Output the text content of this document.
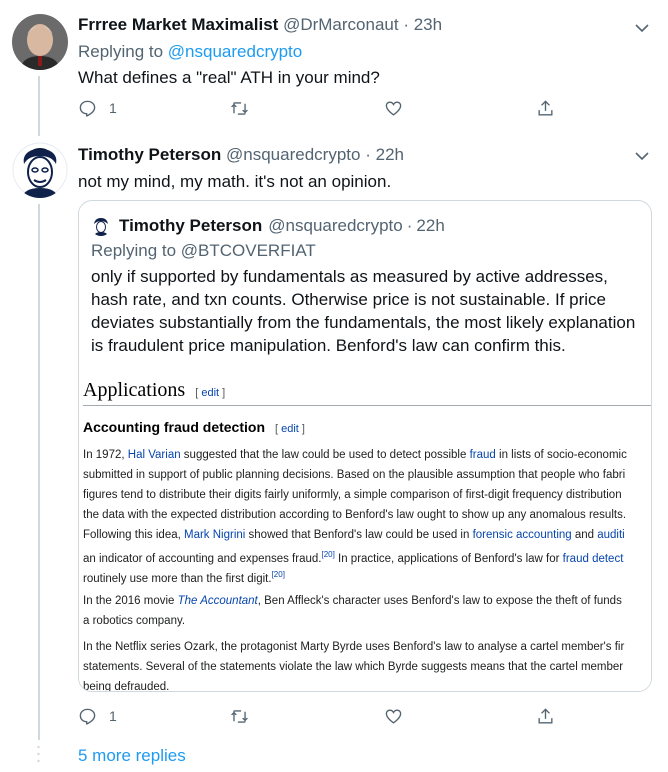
Frrree Market Maximalist @DrMarconaut · 23h
Replying to @nsquaredcrypto
What defines a "real" ATH in your mind?
1
Timothy Peterson @nsquaredcrypto · 22h
not my mind, my math. it's not an opinion.
Timothy Peterson @nsquaredcrypto · 22h
Replying to @BTCOVERFIAT
only if supported by fundamentals as measured by active addresses, hash rate, and txn counts. Otherwise price is not sustainable. If price deviates substantially from the fundamentals, the most likely explanation is fraudulent price manipulation. Benford's law can confirm this.
Applications [ edit ]
Accounting fraud detection [ edit ]
In 1972, Hal Varian suggested that the law could be used to detect possible fraud in lists of socio-economic
submitted in support of public planning decisions. Based on the plausible assumption that people who fabri
figures tend to distribute their digits fairly uniformly, a simple comparison of first-digit frequency distribution
the data with the expected distribution according to Benford's law ought to show up any anomalous results.
Following this idea, Mark Nigrini showed that Benford's law could be used in forensic accounting and auditi
an indicator of accounting and expenses fraud.[20] In practice, applications of Benford's law for fraud detect
routinely use more than the first digit.[20]
In the 2016 movie The Accountant, Ben Affleck's character uses Benford's law to expose the theft of funds
a robotics company.
In the Netflix series Ozark, the protagonist Marty Byrde uses Benford's law to analyse a cartel member's fir
statements. Several of the statements violate the law which Byrde suggests means that the cartel member
being defrauded.
1
5 more replies
